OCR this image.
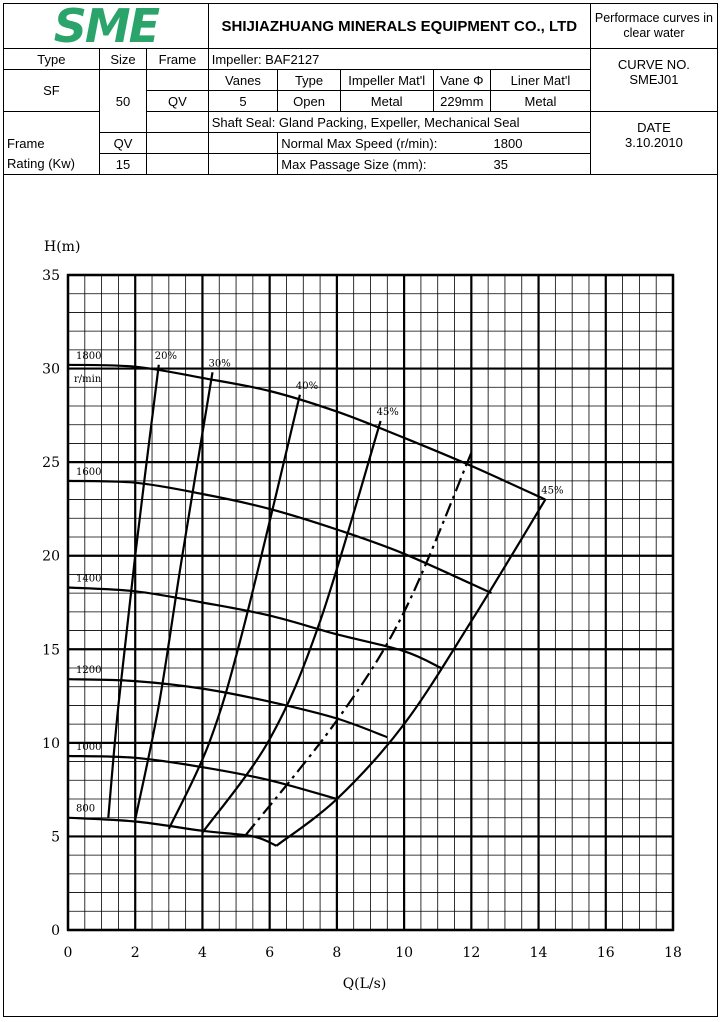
SME			SHIJIAZHUANG MINERALS EQUIPMENT CO., LTD					Performace curves in clear water
Type	Size	Frame	Impeller: BAF2127					CURVE NO.
SMEJ01

SF	50		Vanes	Type	Impeller Mat'l	Vane Φ	Liner Mat'l	
		QV	5	Open	Metal	229mm	Metal	
			Shaft Seal: Gland Packing, Expeller, Mechanical Seal					DATE
3.10.2010

Frame	QV			Normal Max Speed (r/min):			1800	
Rating (Kw)	15			Max Passage Size (mm):			35	
0	2	4	6	8	10	12	14	16	18
0
5
10
15
20
25
30
35
Q(L/s)
H(m)
1800
1600
1400
1200
1000
800
r/min
20%
30%
40%
45%
45%
